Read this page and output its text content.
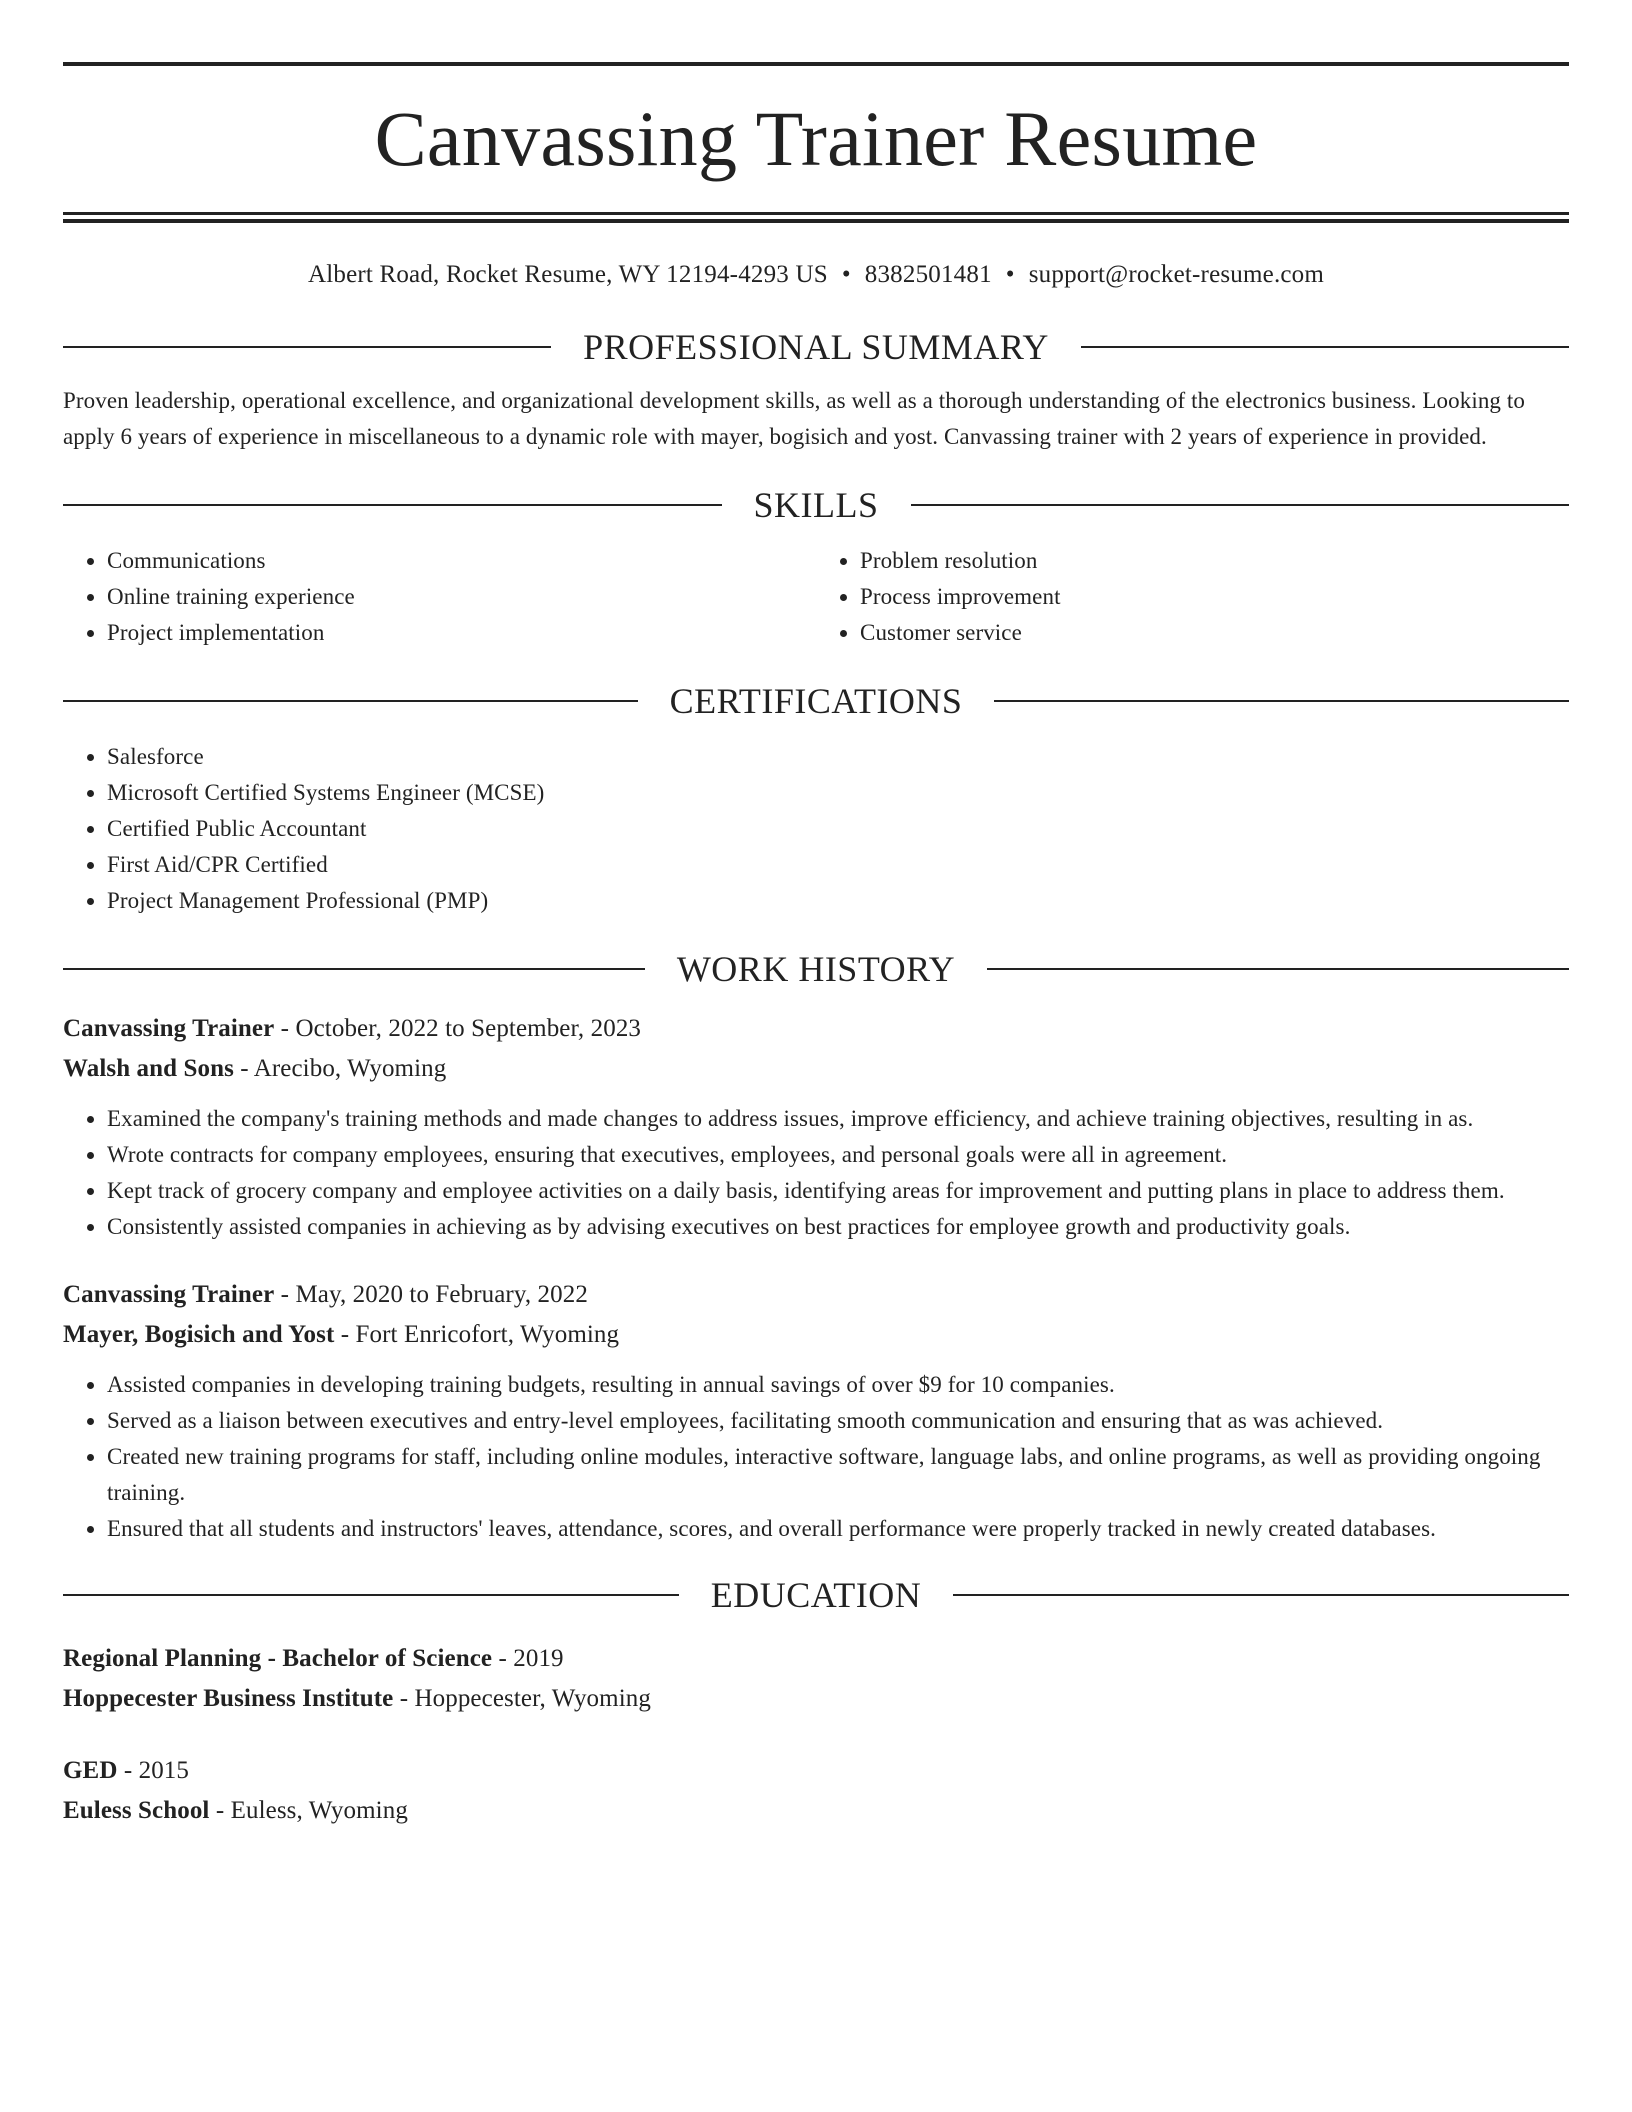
Canvassing Trainer Resume
Albert Road, Rocket Resume, WY 12194-4293 US • 8382501481 • support@rocket-resume.com
PROFESSIONAL SUMMARY
Proven leadership, operational excellence, and organizational development skills, as well as a thorough understanding of the electronics business. Looking to apply 6 years of experience in miscellaneous to a dynamic role with mayer, bogisich and yost. Canvassing trainer with 2 years of experience in provided.
SKILLS
• Communications
• Online training experience
• Project implementation
• Problem resolution
• Process improvement
• Customer service
CERTIFICATIONS
• Salesforce
• Microsoft Certified Systems Engineer (MCSE)
• Certified Public Accountant
• First Aid/CPR Certified
• Project Management Professional (PMP)
WORK HISTORY
Canvassing Trainer - October, 2022 to September, 2023
Walsh and Sons - Arecibo, Wyoming
• Examined the company's training methods and made changes to address issues, improve efficiency, and achieve training objectives, resulting in as.
• Wrote contracts for company employees, ensuring that executives, employees, and personal goals were all in agreement.
• Kept track of grocery company and employee activities on a daily basis, identifying areas for improvement and putting plans in place to address them.
• Consistently assisted companies in achieving as by advising executives on best practices for employee growth and productivity goals.
Canvassing Trainer - May, 2020 to February, 2022
Mayer, Bogisich and Yost - Fort Enricofort, Wyoming
• Assisted companies in developing training budgets, resulting in annual savings of over $9 for 10 companies.
• Served as a liaison between executives and entry-level employees, facilitating smooth communication and ensuring that as was achieved.
• Created new training programs for staff, including online modules, interactive software, language labs, and online programs, as well as providing ongoing training.
• Ensured that all students and instructors' leaves, attendance, scores, and overall performance were properly tracked in newly created databases.
EDUCATION
Regional Planning - Bachelor of Science - 2019
Hoppecester Business Institute - Hoppecester, Wyoming
GED - 2015
Euless School - Euless, Wyoming
